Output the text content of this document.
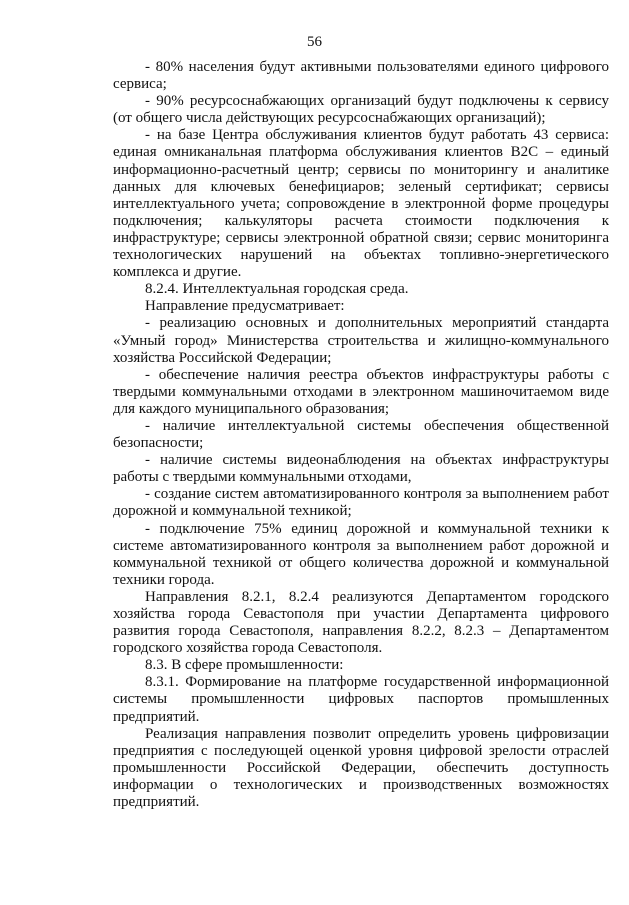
56

- 80% населения будут активными пользователями единого цифрового сервиса;

- 90% ресурсоснабжающих организаций будут подключены к сервису (от общего числа действующих ресурсоснабжающих организаций);

- на базе Центра обслуживания клиентов будут работать 43 сервиса: единая омниканальная платформа обслуживания клиентов B2C – единый информационно-расчетный центр; сервисы по мониторингу и аналитике данных для ключевых бенефициаров; зеленый сертификат; сервисы интеллектуального учета; сопровождение в электронной форме процедуры подключения; калькуляторы расчета стоимости подключения к инфраструктуре; сервисы электронной обратной связи; сервис мониторинга технологических нарушений на объектах топливно-энергетического комплекса и другие.

8.2.4. Интеллектуальная городская среда.

Направление предусматривает:

- реализацию основных и дополнительных мероприятий стандарта «Умный город» Министерства строительства и жилищно-коммунального хозяйства Российской Федерации;

- обеспечение наличия реестра объектов инфраструктуры работы с твердыми коммунальными отходами в электронном машиночитаемом виде для каждого муниципального образования;

- наличие интеллектуальной системы обеспечения общественной безопасности;

- наличие системы видеонаблюдения на объектах инфраструктуры работы с твердыми коммунальными отходами,

- создание систем автоматизированного контроля за выполнением работ дорожной и коммунальной техникой;

- подключение 75% единиц дорожной и коммунальной техники к системе автоматизированного контроля за выполнением работ дорожной и коммунальной техникой от общего количества дорожной и коммунальной техники города.

Направления 8.2.1, 8.2.4 реализуются Департаментом городского хозяйства города Севастополя при участии Департамента цифрового развития города Севастополя, направления 8.2.2, 8.2.3 – Департаментом городского хозяйства города Севастополя.

8.3. В сфере промышленности:

8.3.1. Формирование на платформе государственной информационной системы промышленности цифровых паспортов промышленных предприятий.

Реализация направления позволит определить уровень цифровизации предприятия с последующей оценкой уровня цифровой зрелости отраслей промышленности Российской Федерации, обеспечить доступность информации о технологических и производственных возможностях предприятий.
